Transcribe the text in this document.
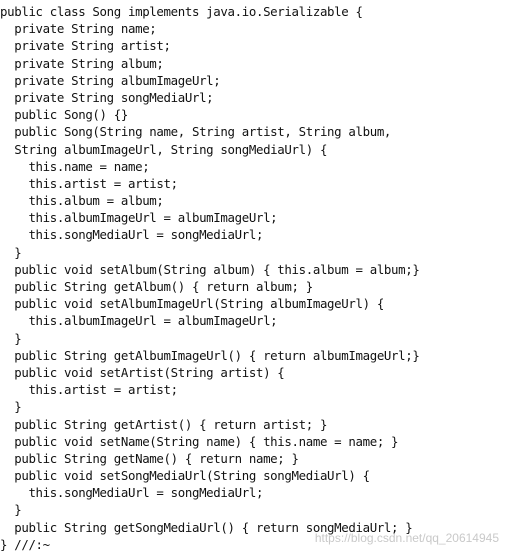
public class Song implements java.io.Serializable {
private String name;
private String artist;
private String album;
private String albumImageUrl;
private String songMediaUrl;
public Song() {}
public Song(String name, String artist, String album,
String albumImageUrl, String songMediaUrl) {
this.name = name;
this.artist = artist;
this.album = album;
this.albumImageUrl = albumImageUrl;
this.songMediaUrl = songMediaUrl;
}
public void setAlbum(String album) { this.album = album;}
public String getAlbum() { return album; }
public void setAlbumImageUrl(String albumImageUrl) {
this.albumImageUrl = albumImageUrl;
}
public String getAlbumImageUrl() { return albumImageUrl;}
public void setArtist(String artist) {
this.artist = artist;
}
public String getArtist() { return artist; }
public void setName(String name) { this.name = name; }
public String getName() { return name; }
public void setSongMediaUrl(String songMediaUrl) {
this.songMediaUrl = songMediaUrl;
}
public String getSongMediaUrl() { return songMediaUrl; }
} ///:~	https://blog.csdn.net/qq_20614945
